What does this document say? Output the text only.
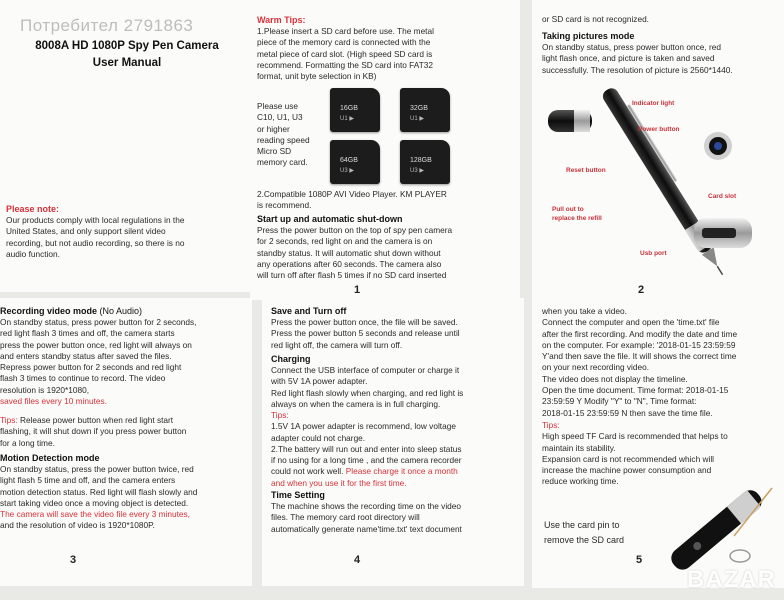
8008A HD 1080P Spy Pen Camera
User Manual
Please note:
Our products comply with local regulations in the
United States, and only support silent video
recording, but not audio recording, so there is no
audio function.
Warm Tips:
1.Please insert a SD card before use. The metal
piece of the memory card is connected with the
metal piece of card slot. (High speed SD card is
recommend. Formatting the SD card into FAT32
format, unit byte selection in KB)
Please use
C10, U1, U3
or higher
reading speed
Micro SD
memory card.
16GB
U1 ▶
32GB
U1 ▶
64GB
U3 ▶
128GB
U3 ▶
2.Compatible 1080P AVI Video Player. KM PLAYER
is recommend.
Start up and automatic shut-down
Press the power button on the top of spy pen camera
for 2 seconds, red light on and the camera is on
standby status. It will automatic shut down without
any operations after 60 seconds. The camera also
will turn off after flash 5 times if no SD card inserted
1
or SD card is not recognized.
Taking pictures mode
On standby status, press power button once, red
light flash once, and picture is taken and saved
successfully. The resolution of picture is 2560*1440.
Indicator light
Power button
Reset button
Card slot
Pull out to
replace the refill
Usb port
2
Потребител 2791863
Recording video mode (No Audio)
On standby status, press power button for 2 seconds,
red light flash 3 times and off, the camera starts
press the power button once, red light will always on
and enters standby status after saved the files.
Repress power button for 2 seconds and red light
flash 3 times to continue to record. The video
resolution is 1920*1080,
saved files every 10 minutes.
Tips: Release power button when red light start
flashing, it will shut down if you press power button
for a long time.
Motion Detection mode
On standby status, press the power button twice, red
light flash 5 time and off, and the camera enters
motion detection status. Red light will flash slowly and
start taking video once a moving object is detected.
The camera will save the video file every 3 minutes,
and the resolution of video is 1920*1080P.
3
Save and Turn off
Press the power button once, the file will be saved.
Press the power button 5 seconds and release until
red light off, the camera will turn off.
Charging
Connect the USB interface of computer or charge it
with 5V 1A power adapter.
Red light flash slowly when charging, and red light is
always on when the camera is in full charging.
Tips:
1.5V 1A power adapter is recommend, low voltage
adapter could not charge.
2.The battery will run out and enter into sleep status
if no using for a long time , and the camera recorder
could not work well. Please charge it once a month
and when you use it for the first time.
Time Setting
The machine shows the recording time on the video
files. The memory card root directory will
automatically generate name'time.txt' text document
4
when you take a video.
Connect the computer and open the 'time.txt' file
after the first recording. And modify the date and time
on the computer. For example: '2018-01-15 23:59:59
Y'and then save the file. It will shows the correct time
on your next recording video.
The video does not display the timeline.
Open the time document. Time format: 2018-01-15
23:59:59 Y Modify "Y" to "N", Time format:
2018-01-15 23:59:59 N then save the time file.
Tips:
High speed TF Card is recommended that helps to
maintain its stability.
Expansion card is not recommended which will
increase the machine power consumption and
reduce working time.
Use the card pin to
remove the SD card
5
BAZAR
